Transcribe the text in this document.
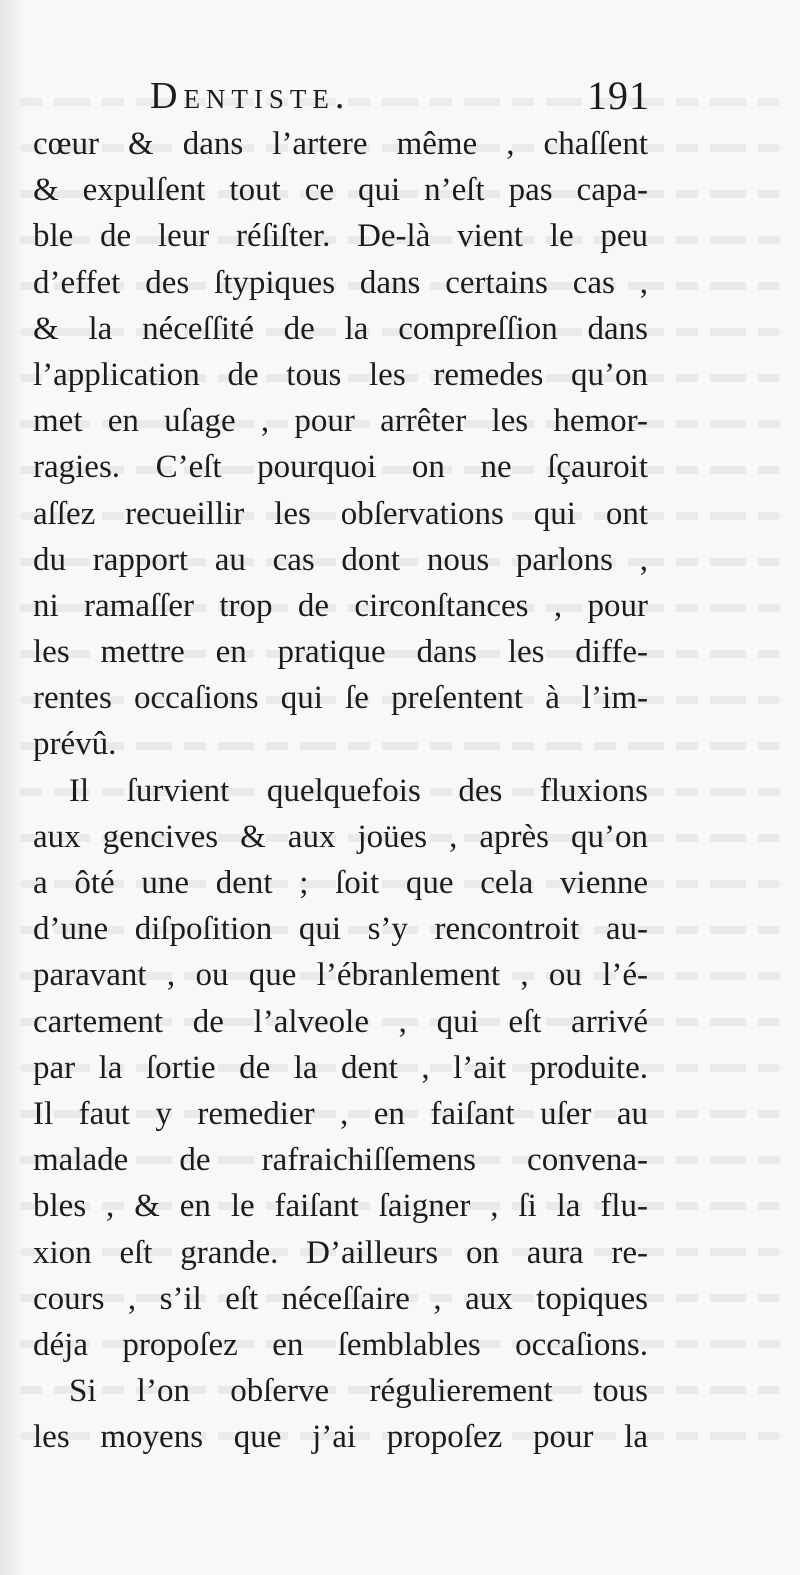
Dentiste.	191
cœur & dans l’artere même , chaſſent
& expulſent tout ce qui n’eſt pas capa-
ble de leur réſiſter. De-là vient le peu
d’effet des ſtypiques dans certains cas ,
& la néceſſité de la compreſſion dans
l’application de tous les remedes qu’on
met en uſage , pour arrêter les hemor-
ragies. C’eſt pourquoi on ne ſçauroit
aſſez recueillir les obſervations qui ont
du rapport au cas dont nous parlons ,
ni ramaſſer trop de circonſtances , pour
les mettre en pratique dans les diffe-
rentes occaſions qui ſe preſentent à l’im-
prévû.
Il ſurvient quelquefois des fluxions
aux gencives & aux joües , après qu’on
a ôté une dent ; ſoit que cela vienne
d’une diſpoſition qui s’y rencontroit au-
paravant , ou que l’ébranlement , ou l’é-
cartement de l’alveole , qui eſt arrivé
par la ſortie de la dent , l’ait produite.
Il faut y remedier , en faiſant uſer au
malade de rafraichiſſemens convena-
bles , & en le faiſant ſaigner , ſi la flu-
xion eſt grande. D’ailleurs on aura re-
cours , s’il eſt néceſſaire , aux topiques
déja propoſez en ſemblables occaſions.
Si l’on obſerve régulierement tous
les moyens que j’ai propoſez pour la
